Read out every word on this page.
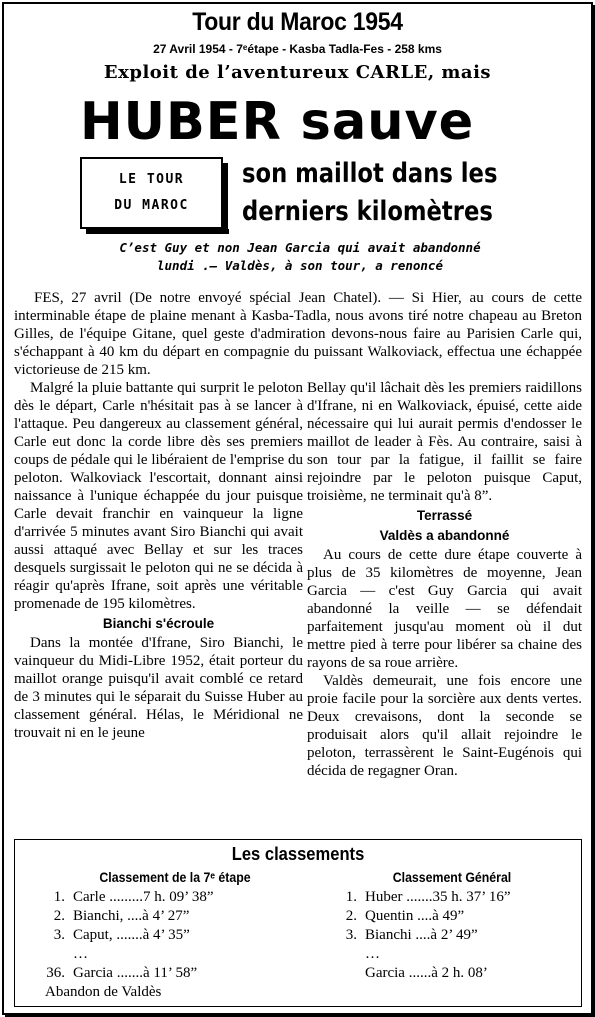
Tour du Maroc 1954
27 Avril 1954 - 7ᵉétape - Kasba Tadla-Fes - 258 kms
Exploit de l’aventureux CARLE, mais
HUBER sauve
LE TOUR
DU MAROC
son maillot dans les
derniers kilomètres
C’est Guy et non Jean Garcia qui avait abandonné
lundi .— Valdès, à son tour, a renoncé

FES, 27 avril (De notre envoyé spécial Jean Chatel). — Si Hier, au cours de cette interminable étape de plaine menant à Kasba-Tadla, nous avons tiré notre chapeau au Breton Gilles, de l'équipe Gitane, quel geste d'admiration devons-nous faire au Parisien Carle qui, s'échappant à 40 km du départ en compagnie du puissant Walkoviack, effectua une échappée victorieuse de 215 km.

Malgré la pluie battante qui surprit le peloton dès le départ, Carle n'hésitait pas à se lancer à l'attaque. Peu dangereux au classement général, Carle eut donc la corde libre dès ses premiers coups de pédale qui le libéraient de l'emprise du peloton. Walkoviack l'escortait, donnant ainsi naissance à l'unique échappée du jour puisque Carle devait franchir en vainqueur la ligne d'arrivée 5 minutes avant Siro Bianchi qui avait aussi attaqué avec Bellay et sur les traces desquels surgissait le peloton qui ne se décida à réagir qu'après Ifrane, soit après une véritable promenade de 195 kilomètres.

Bianchi s'écroule

Dans la montée d'Ifrane, Siro Bianchi, le vainqueur du Midi-Libre 1952, était porteur du maillot orange puisqu'il avait comblé ce retard de 3 minutes qui le séparait du Suisse Huber au classement général. Hélas, le Méridional ne trouvait ni en le jeune

Bellay qu'il lâchait dès les premiers raidillons d'Ifrane, ni en Walkoviack, épuisé, cette aide nécessaire qui lui aurait permis d'endosser le maillot de leader à Fès. Au contraire, saisi à son tour par la fatigue, il faillit se faire rejoindre par le peloton puisque Caput, troisième, ne terminait qu'à 8”.

Terrassé
Valdès a abandonné

Au cours de cette dure étape couverte à plus de 35 kilomètres de moyenne, Jean Garcia — c'est Guy Garcia qui avait abandonné la veille — se défendait parfaitement jusqu'au moment où il dut mettre pied à terre pour libérer sa chaine des rayons de sa roue arrière.

Valdès demeurait, une fois encore une proie facile pour la sorcière aux dents vertes. Deux crevaisons, dont la seconde se produisait alors qu'il allait rejoindre le peloton, terrassèrent le Saint-Eugénois qui décida de regagner Oran.

Les classements
Classement de la 7ᵉ étape
1. Carle .........7 h. 09’ 38”
2. Bianchi, ....à 4’ 27”
3. Caput, .......à 4’ 35”
…
36. Garcia .......à 11’ 58”
Abandon de Valdès
Classement Général
1. Huber .......35 h. 37’ 16”
2. Quentin ....à 49”
3. Bianchi ....à 2’ 49”
…
Garcia ......à 2 h. 08’
